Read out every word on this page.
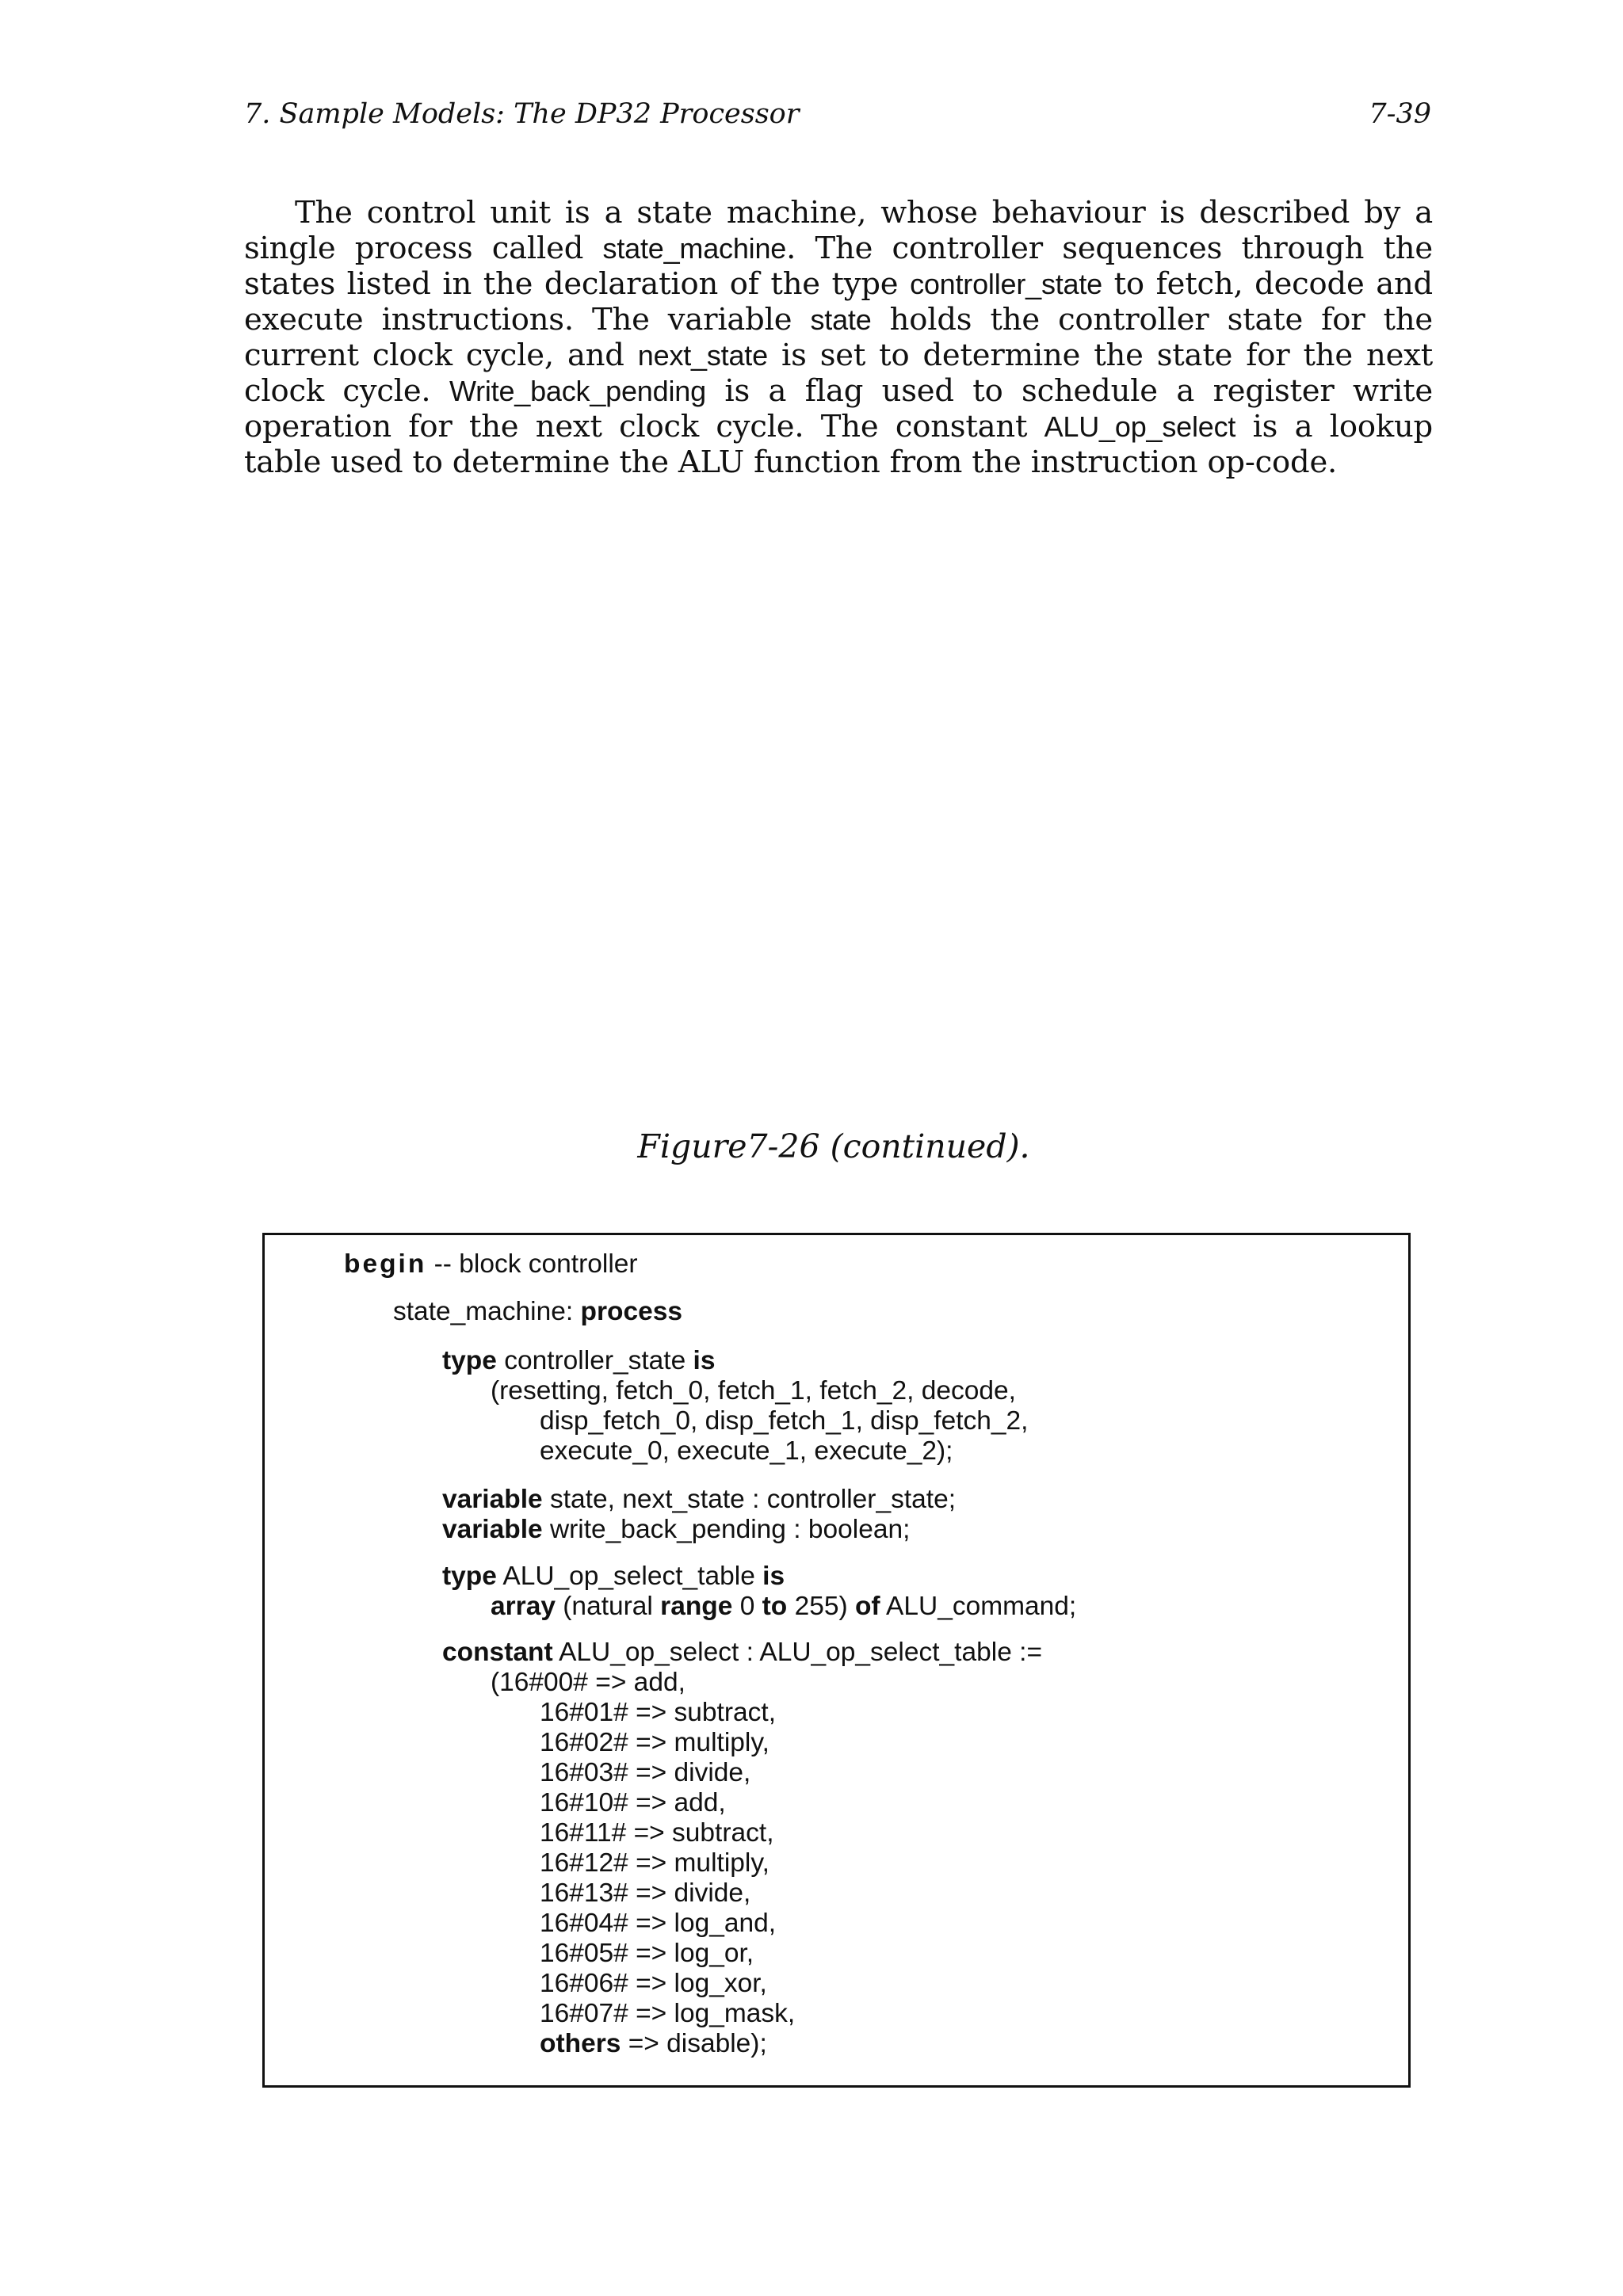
7. Sample Models: The DP32 Processor	7-39
The control unit is a state machine, whose behaviour is described by a
single process called state_machine. The controller sequences through the
states listed in the declaration of the type controller_state to fetch, decode and
execute instructions. The variable state holds the controller state for the
current clock cycle, and next_state is set to determine the state for the next
clock cycle. Write_back_pending is a flag used to schedule a register write
operation for the next clock cycle. The constant ALU_op_select is a lookup
table used to determine the ALU function from the instruction op-code.
Figure7-26 (continued).
begin -- block controller
state_machine: process
type controller_state is
(resetting, fetch_0, fetch_1, fetch_2, decode,
disp_fetch_0, disp_fetch_1, disp_fetch_2,
execute_0, execute_1, execute_2);
variable state, next_state : controller_state;
variable write_back_pending : boolean;
type ALU_op_select_table is
array (natural range 0 to 255) of ALU_command;
constant ALU_op_select : ALU_op_select_table :=
(16#00# => add,
16#01# => subtract,
16#02# => multiply,
16#03# => divide,
16#10# => add,
16#11# => subtract,
16#12# => multiply,
16#13# => divide,
16#04# => log_and,
16#05# => log_or,
16#06# => log_xor,
16#07# => log_mask,
others => disable);
